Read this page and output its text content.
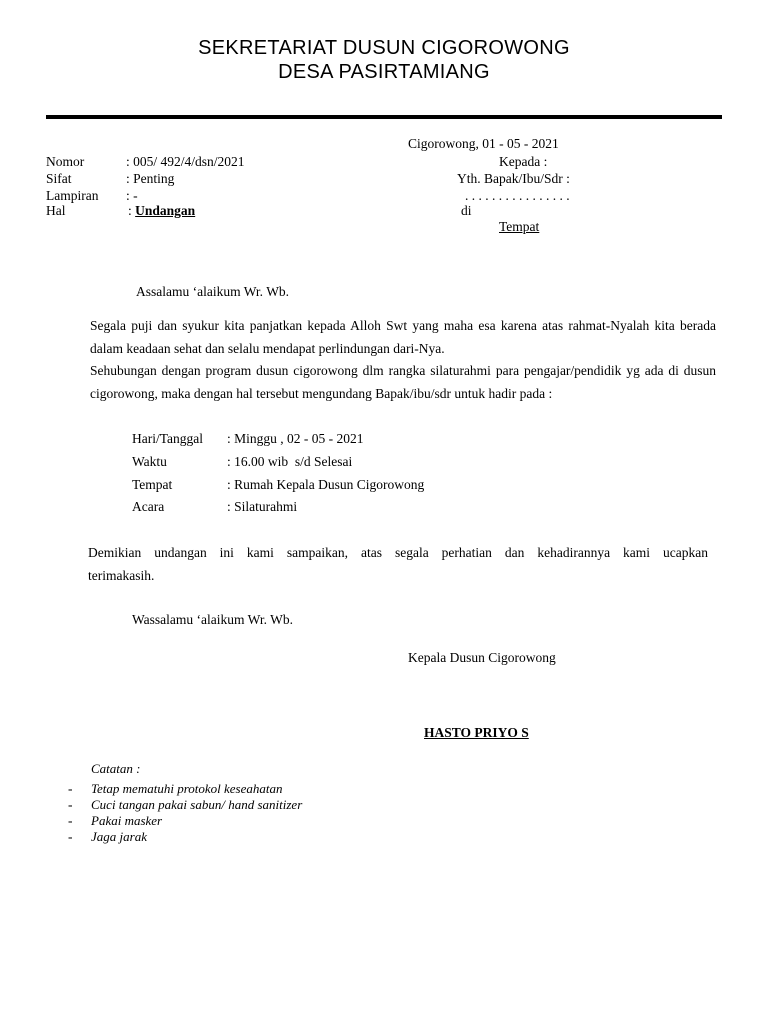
SEKRETARIAT DUSUN CIGOROWONG
DESA PASIRTAMIANG
Cigorowong, 01 - 05 - 2021
Nomor	: 005/ 492/4/dsn/2021
Sifat	: Penting
Lampiran : -
Hal	: Undangan
Kepada :
Yth. Bapak/Ibu/Sdr :
. . . . . . . . . . . . . . . .
di
Tempat
Assalamu ‘alaikum Wr. Wb.
Segala puji dan syukur kita panjatkan kepada Alloh Swt yang maha esa karena atas rahmat-Nyalah kita berada dalam keadaan sehat dan selalu mendapat perlindungan dari-Nya.
Sehubungan dengan program dusun cigorowong dlm rangka silaturahmi para pengajar/pendidik yg ada di dusun cigorowong, maka dengan hal tersebut mengundang Bapak/ibu/sdr untuk hadir pada :
Hari/Tanggal : Minggu , 02 - 05 - 2021
Waktu	: 16.00 wib  s/d Selesai
Tempat	: Rumah Kepala Dusun Cigorowong
Acara	: Silaturahmi
Demikian undangan ini kami sampaikan, atas segala perhatian dan kehadirannya kami ucapkan
terimakasih.
Wassalamu ‘alaikum Wr. Wb.
Kepala Dusun Cigorowong
HASTO PRIYO S
Catatan :
- Tetap mematuhi protokol keseahatan
- Cuci tangan pakai sabun/ hand sanitizer
- Pakai masker
- Jaga jarak
